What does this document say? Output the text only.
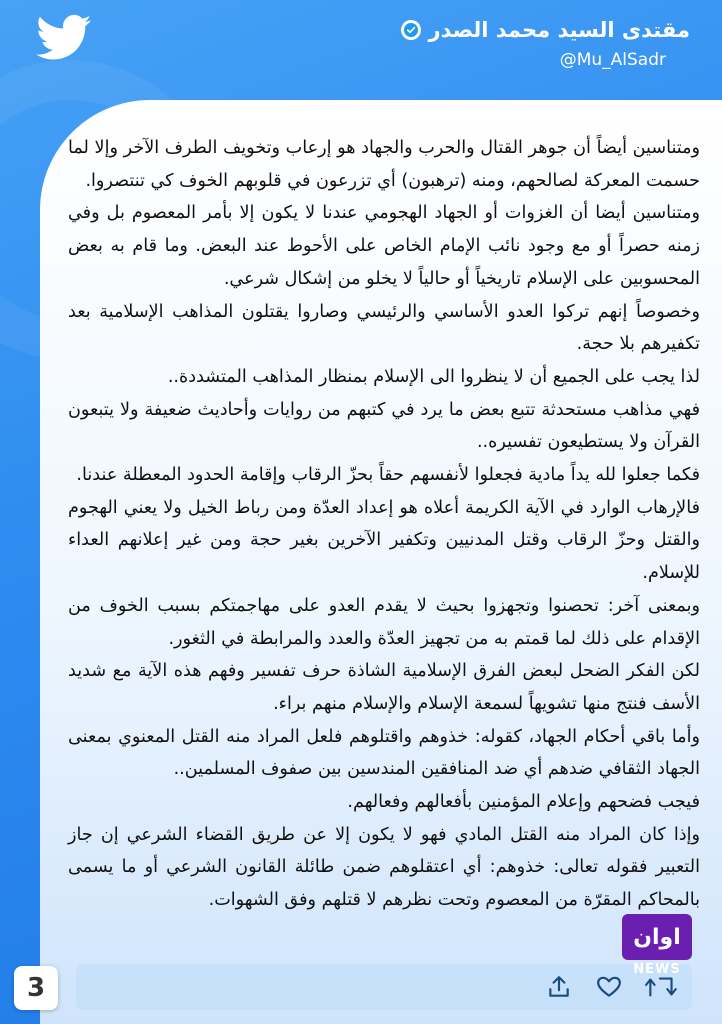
مقتدى السيد محمد الصدر
@Mu_AlSadr

ومتناسين أيضاً أن جوهر القتال والحرب والجهاد هو إرعاب وتخويف الطرف الآخر وإلا لما حسمت المعركة لصالحهم، ومنه (ترهبون) أي تزرعون في قلوبهم الخوف كي تنتصروا.

ومتناسين أيضا أن الغزوات أو الجهاد الهجومي عندنا لا يكون إلا بأمر المعصوم بل وفي زمنه حصراً أو مع وجود نائب الإمام الخاص على الأحوط عند البعض. وما قام به بعض المحسوبين على الإسلام تاريخياً أو حالياً لا يخلو من إشكال شرعي.

وخصوصاً إنهم تركوا العدو الأساسي والرئيسي وصاروا يقتلون المذاهب الإسلامية بعد تكفيرهم بلا حجة.

لذا يجب على الجميع أن لا ينظروا الى الإسلام بمنظار المذاهب المتشددة..

فهي مذاهب مستحدثة تتبع بعض ما يرد في كتبهم من روايات وأحاديث ضعيفة ولا يتبعون القرآن ولا يستطيعون تفسيره..

فكما جعلوا لله يداً مادية فجعلوا لأنفسهم حقاً بحزّ الرقاب وإقامة الحدود المعطلة عندنا.

فالإرهاب الوارد في الآية الكريمة أعلاه هو إعداد العدّة ومن رباط الخيل ولا يعني الهجوم والقتل وحزّ الرقاب وقتل المدنيين وتكفير الآخرين بغير حجة ومن غير إعلانهم العداء للإسلام.

وبمعنى آخر: تحصنوا وتجهزوا بحيث لا يقدم العدو على مهاجمتكم بسبب الخوف من الإقدام على ذلك لما قمتم به من تجهيز العدّة والعدد والمرابطة في الثغور.

لكن الفكر الضحل لبعض الفرق الإسلامية الشاذة حرف تفسير وفهم هذه الآية مع شديد الأسف فنتج منها تشويهاً لسمعة الإسلام والإسلام منهم براء.

وأما باقي أحكام الجهاد، كقوله: خذوهم واقتلوهم فلعل المراد منه القتل المعنوي بمعنى الجهاد الثقافي ضدهم أي ضد المنافقين المندسين بين صفوف المسلمين..

فيجب فضحهم وإعلام المؤمنين بأفعالهم وفعالهم.

وإذا كان المراد منه القتل المادي فهو لا يكون إلا عن طريق القضاء الشرعي إن جاز التعبير فقوله تعالى: خذوهم: أي اعتقلوهم ضمن طائلة القانون الشرعي أو ما يسمى بالمحاكم المقرّة من المعصوم وتحت نظرهم لا قتلهم وفق الشهوات.

3
اوان
NEWS
